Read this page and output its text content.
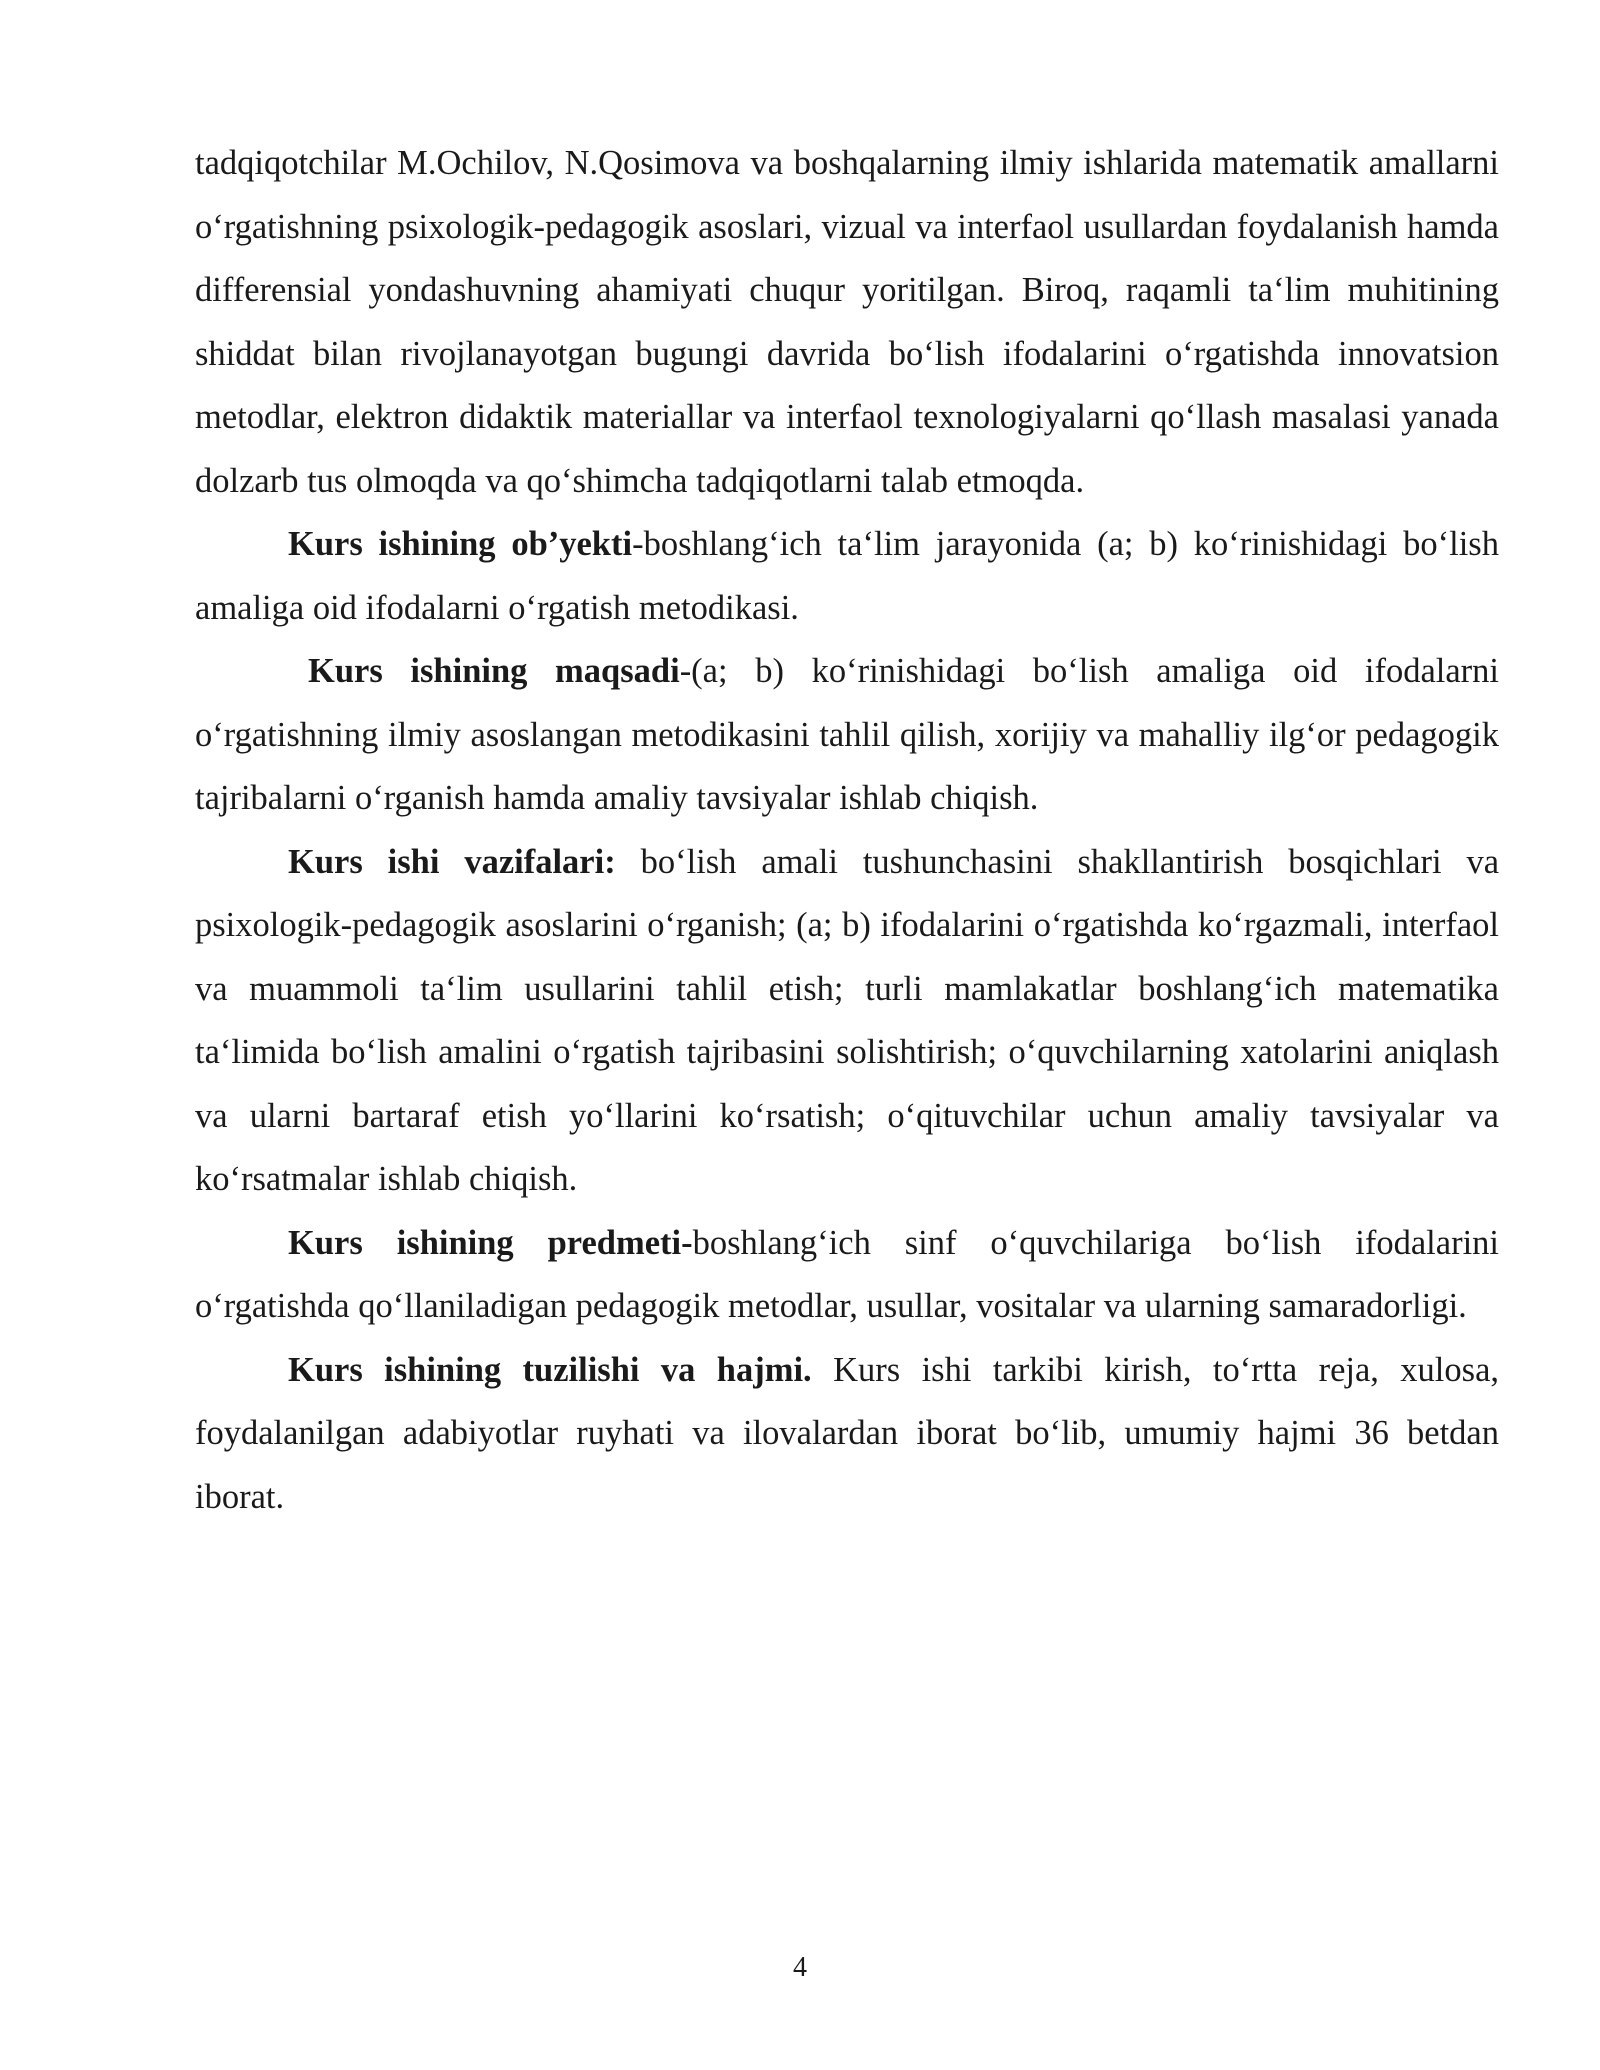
tadqiqotchilar M.Ochilov, N.Qosimova va boshqalarning ilmiy ishlarida matematik amallarni o‘rgatishning psixologik-pedagogik asoslari, vizual va interfaol usullardan foydalanish hamda differensial yondashuvning ahamiyati chuqur yoritilgan. Biroq, raqamli ta‘lim muhitining shiddat bilan rivojlanayotgan bugungi davrida bo‘lish ifodalarini o‘rgatishda innovatsion metodlar, elektron didaktik materiallar va interfaol texnologiyalarni qo‘llash masalasi yanada dolzarb tus olmoqda va qo‘shimcha tadqiqotlarni talab etmoqda.

Kurs ishining ob’yekti-boshlang‘ich ta‘lim jarayonida (a; b) ko‘rinishidagi bo‘lish amaliga oid ifodalarni o‘rgatish metodikasi.

Kurs ishining maqsadi-(a; b) ko‘rinishidagi bo‘lish amaliga oid ifodalarni o‘rgatishning ilmiy asoslangan metodikasini tahlil qilish, xorijiy va mahalliy ilg‘or pedagogik tajribalarni o‘rganish hamda amaliy tavsiyalar ishlab chiqish.

Kurs ishi vazifalari: bo‘lish amali tushunchasini shakllantirish bosqichlari va psixologik-pedagogik asoslarini o‘rganish; (a; b) ifodalarini o‘rgatishda ko‘rgazmali, interfaol va muammoli ta‘lim usullarini tahlil etish; turli mamlakatlar boshlang‘ich matematika ta‘limida bo‘lish amalini o‘rgatish tajribasini solishtirish; o‘quvchilarning xatolarini aniqlash va ularni bartaraf etish yo‘llarini ko‘rsatish; o‘qituvchilar uchun amaliy tavsiyalar va ko‘rsatmalar ishlab chiqish.

Kurs ishining predmeti-boshlang‘ich sinf o‘quvchilariga bo‘lish ifodalarini o‘rgatishda qo‘llaniladigan pedagogik metodlar, usullar, vositalar va ularning samaradorligi.

Kurs ishining tuzilishi va hajmi. Kurs ishi tarkibi kirish, to‘rtta reja, xulosa, foydalanilgan adabiyotlar ruyhati va ilovalardan iborat bo‘lib, umumiy hajmi 36 betdan iborat.

4
